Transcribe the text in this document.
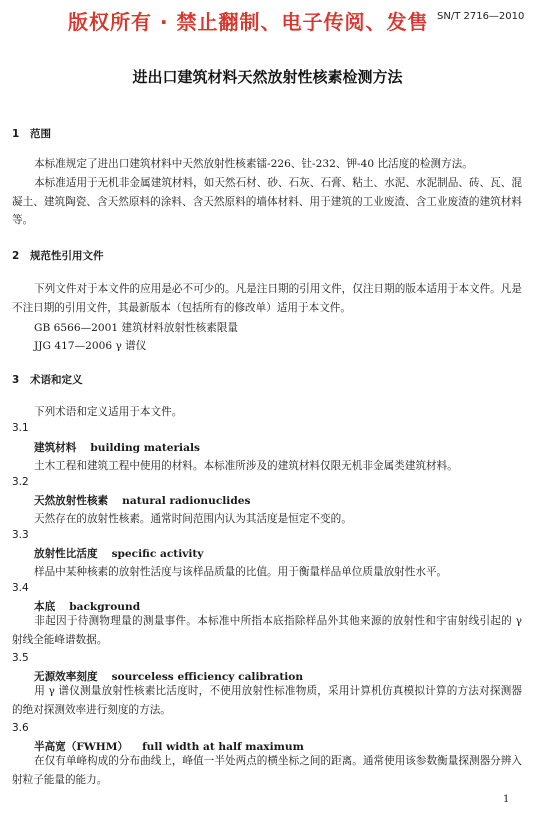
版权所有 · 禁止翻制、电子传阅、发售 SN/T 2716—2010
进出口建筑材料天然放射性核素检测方法
1 范围
本标准规定了进出口建筑材料中天然放射性核素镭-226、钍-232、钾-40 比活度的检测方法。
本标准适用于无机非金属建筑材料，如天然石材、砂、石灰、石膏、粘土、水泥、水泥制品、砖、瓦、混凝土、建筑陶瓷、含天然原料的涂料、含天然原料的墙体材料、用于建筑的工业废渣、含工业废渣的建筑材料等。
2 规范性引用文件
下列文件对于本文件的应用是必不可少的。凡是注日期的引用文件，仅注日期的版本适用于本文件。凡是不注日期的引用文件，其最新版本（包括所有的修改单）适用于本文件。
GB 6566—2001 建筑材料放射性核素限量
JJG 417—2006 γ 谱仪
3 术语和定义
下列术语和定义适用于本文件。
3.1
建筑材料 building materials
土木工程和建筑工程中使用的材料。本标准所涉及的建筑材料仅限无机非金属类建筑材料。
3.2
天然放射性核素 natural radionuclides
天然存在的放射性核素。通常时间范围内认为其活度是恒定不变的。
3.3
放射性比活度 specific activity
样品中某种核素的放射性活度与该样品质量的比值。用于衡量样品单位质量放射性水平。
3.4
本底 background
非起因于待测物理量的测量事件。本标准中所指本底指除样品外其他来源的放射性和宇宙射线引起的 γ 射线全能峰谱数据。
3.5
无源效率刻度 sourceless efficiency calibration
用 γ 谱仪测量放射性核素比活度时，不使用放射性标准物质，采用计算机仿真模拟计算的方法对探测器的绝对探测效率进行刻度的方法。
3.6
半高宽（FWHM） full width at half maximum
在仅有单峰构成的分布曲线上，峰值一半处两点的横坐标之间的距离。通常使用该参数衡量探测器分辨入射粒子能量的能力。
1
